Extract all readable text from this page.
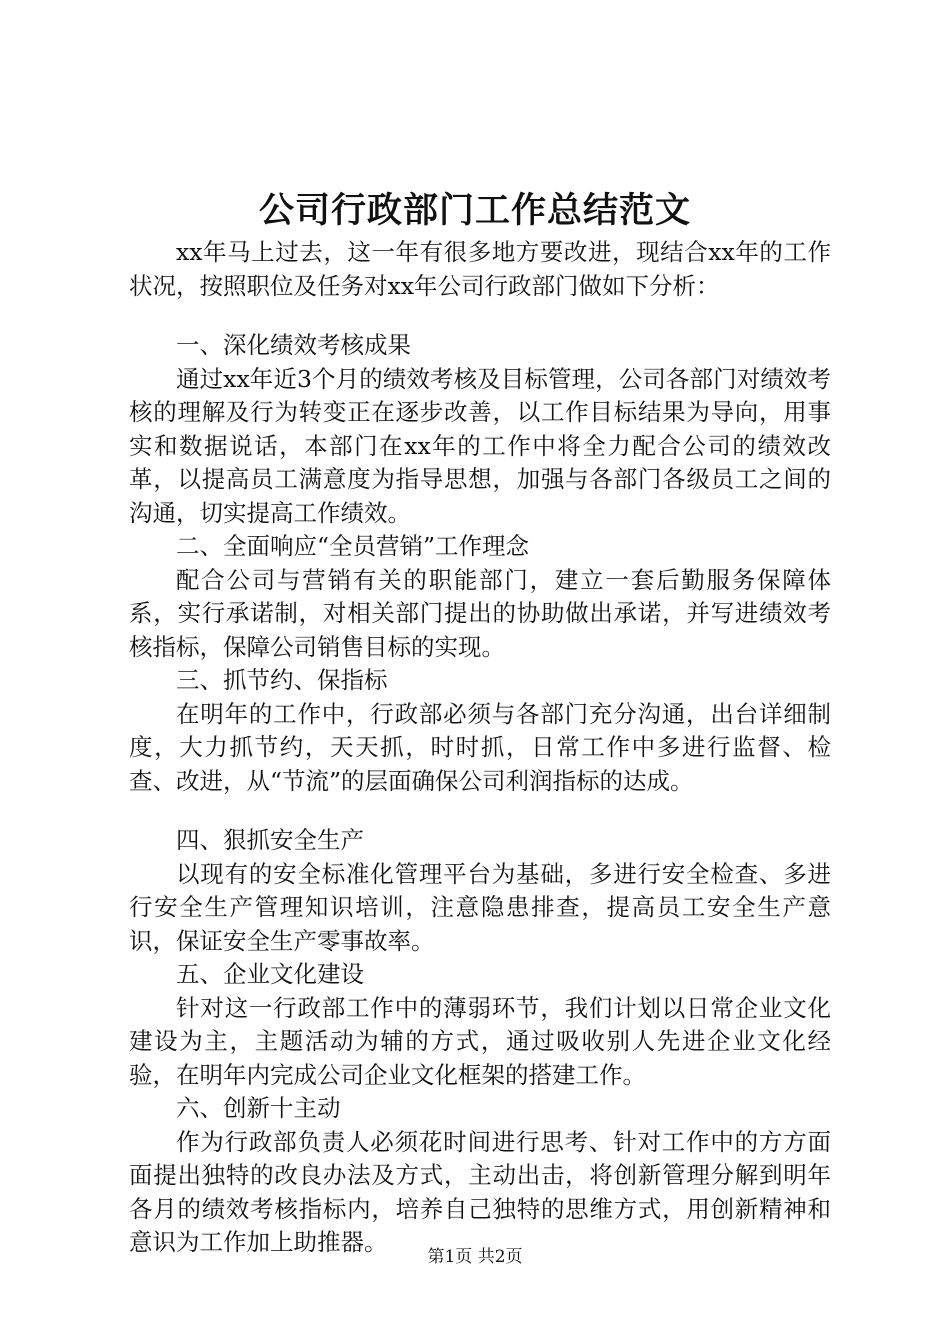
公司行政部门工作总结范文

xx年马上过去，这一年有很多地方要改进，现结合xx年的工作状况，按照职位及任务对xx年公司行政部门做如下分析：

一、深化绩效考核成果

通过xx年近3个月的绩效考核及目标管理，公司各部门对绩效考核的理解及行为转变正在逐步改善，以工作目标结果为导向，用事实和数据说话，本部门在xx年的工作中将全力配合公司的绩效改革，以提高员工满意度为指导思想，加强与各部门各级员工之间的沟通，切实提高工作绩效。

二、全面响应“全员营销”工作理念

配合公司与营销有关的职能部门，建立一套后勤服务保障体系，实行承诺制，对相关部门提出的协助做出承诺，并写进绩效考核指标，保障公司销售目标的实现。

三、抓节约、保指标

在明年的工作中，行政部必须与各部门充分沟通，出台详细制度，大力抓节约，天天抓，时时抓，日常工作中多进行监督、检查、改进，从“节流”的层面确保公司利润指标的达成。

四、狠抓安全生产

以现有的安全标准化管理平台为基础，多进行安全检查、多进行安全生产管理知识培训，注意隐患排查，提高员工安全生产意识，保证安全生产零事故率。

五、企业文化建设

针对这一行政部工作中的薄弱环节，我们计划以日常企业文化建设为主，主题活动为辅的方式，通过吸收别人先进企业文化经验，在明年内完成公司企业文化框架的搭建工作。

六、创新十主动

作为行政部负责人必须花时间进行思考、针对工作中的方方面面提出独特的改良办法及方式，主动出击，将创新管理分解到明年各月的绩效考核指标内，培养自己独特的思维方式，用创新精神和意识为工作加上助推器。

第1页 共2页
